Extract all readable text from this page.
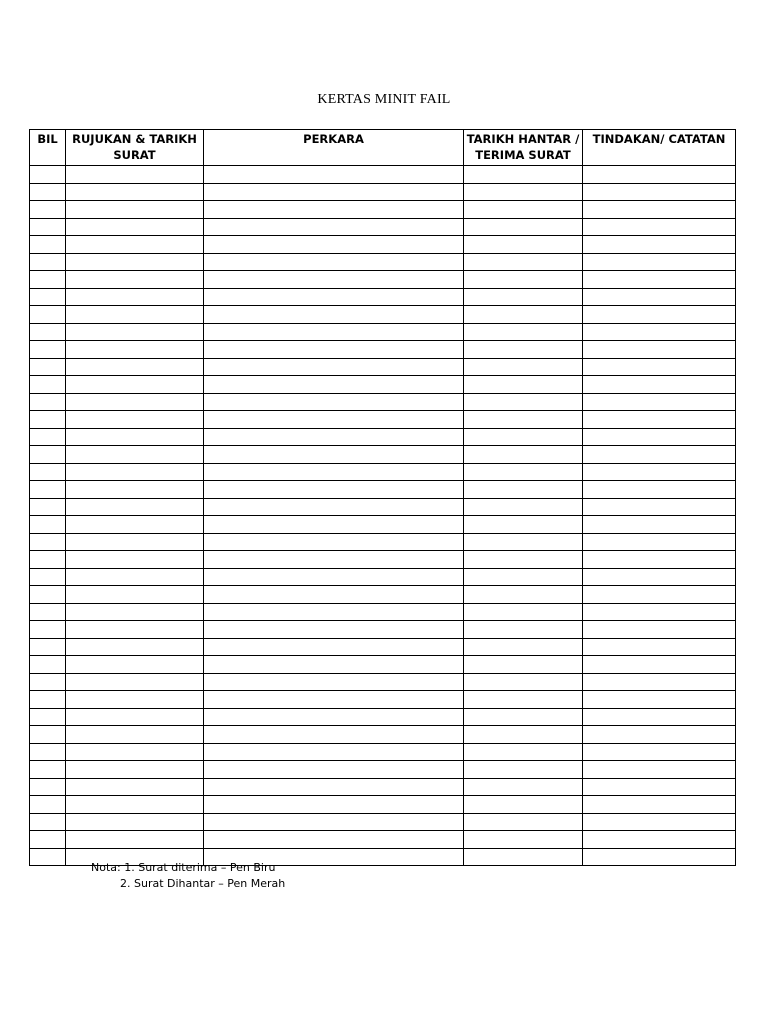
KERTAS MINIT FAIL
BIL	RUJUKAN & TARIKH SURAT	PERKARA	TARIKH HANTAR / TERIMA SURAT	TINDAKAN/ CATATAN

Nota: 1. Surat diterima – Pen Biru
2. Surat Dihantar – Pen Merah
